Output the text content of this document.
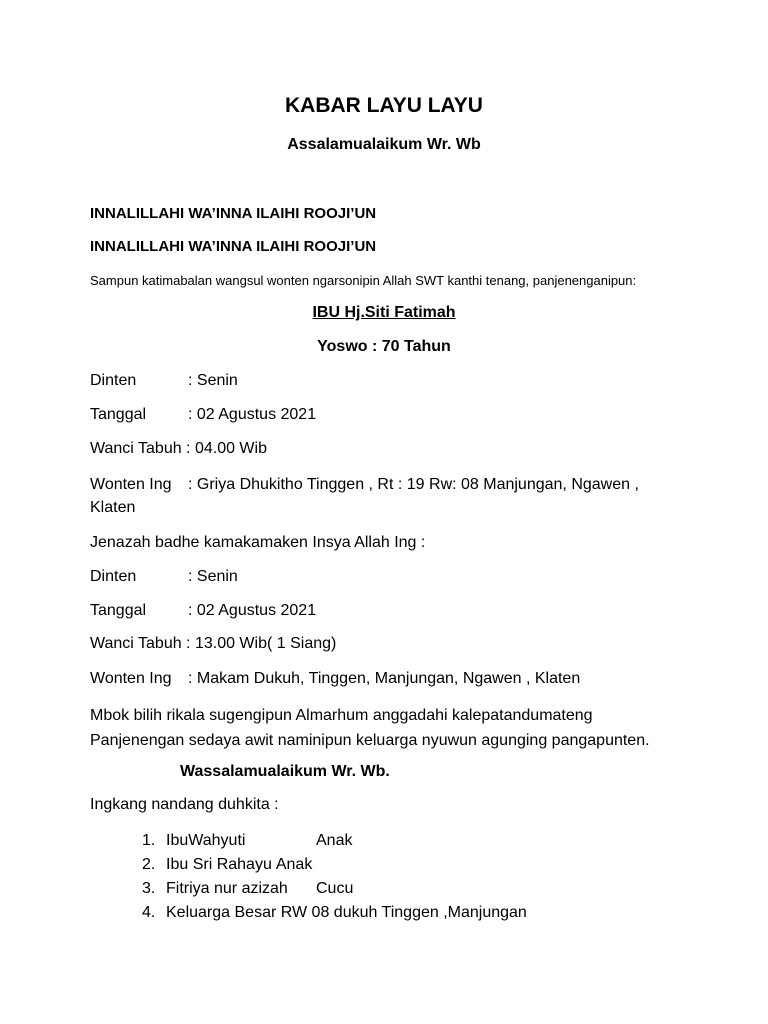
KABAR LAYU LAYU
Assalamualaikum Wr. Wb
INNALILLAHI WA’INNA ILAIHI ROOJI’UN
INNALILLAHI WA’INNA ILAIHI ROOJI’UN
Sampun katimabalan wangsul wonten ngarsonipin Allah SWT kanthi tenang, panjenenganipun:
IBU Hj.Siti Fatimah
Yoswo : 70 Tahun
Dinten	: Senin
Tanggal	: 02 Agustus 2021
Wanci Tabuh : 04.00 Wib
Wonten Ing : Griya Dhukitho Tinggen , Rt : 19 Rw: 08 Manjungan, Ngawen ,
Klaten
Jenazah badhe kamakamaken Insya Allah Ing :
Dinten	: Senin
Tanggal	: 02 Agustus 2021
Wanci Tabuh : 13.00 Wib( 1 Siang)
Wonten Ing : Makam Dukuh, Tinggen, Manjungan, Ngawen , Klaten
Mbok bilih rikala sugengipun Almarhum anggadahi kalepatandumateng
Panjenengan sedaya awit naminipun keluarga nyuwun agunging pangapunten.
Wassalamualaikum Wr. Wb.
Ingkang nandang duhkita :
1. IbuWahyuti	Anak
2. Ibu Sri Rahayu Anak
3. Fitriya nur azizah Cucu
4. Keluarga Besar RW 08 dukuh Tinggen ,Manjungan
